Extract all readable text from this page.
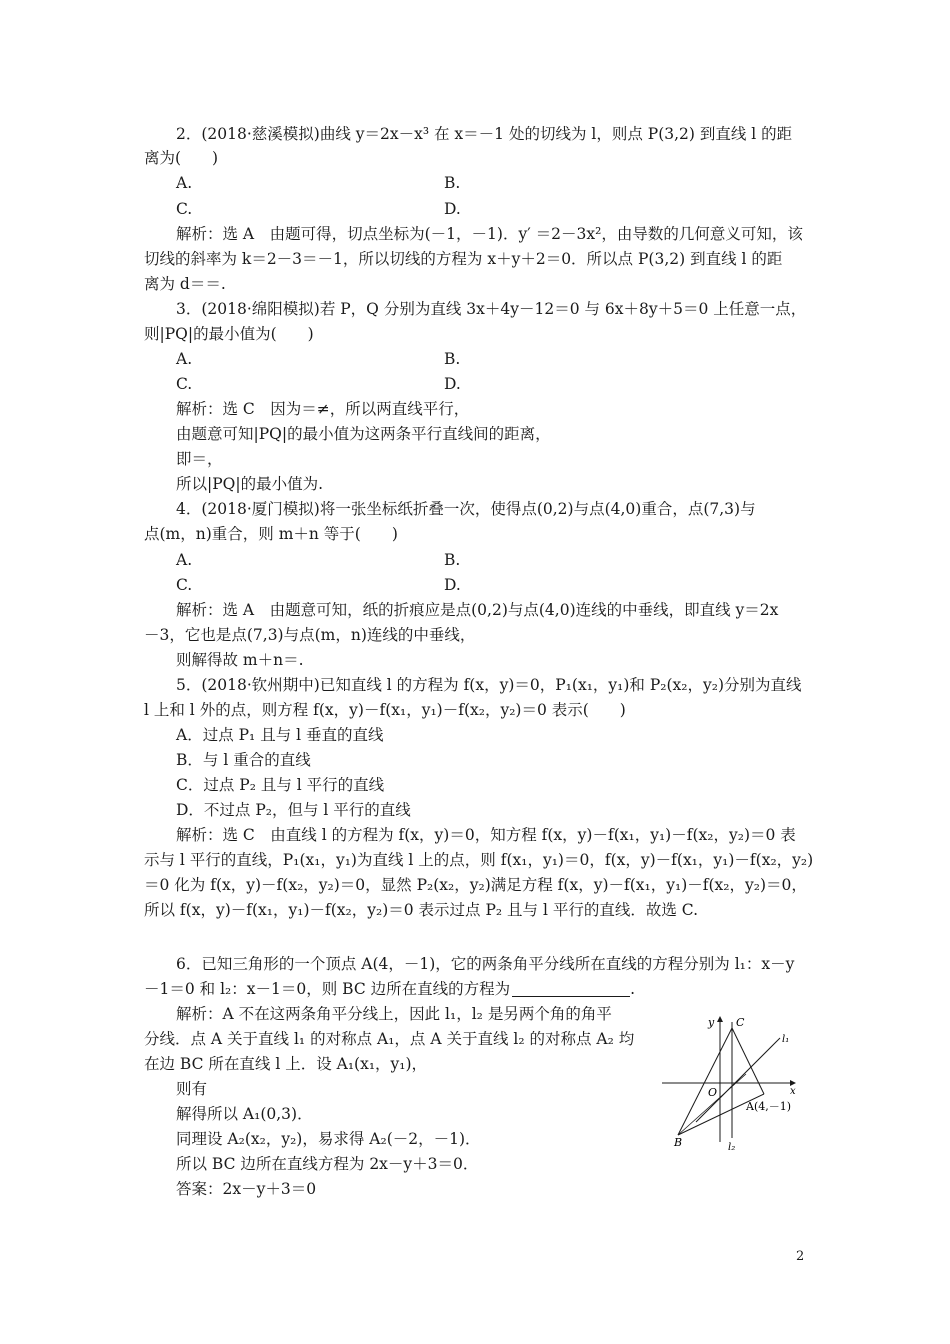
2．(2018·慈溪模拟)曲线 y＝2x－x³ 在 x＝－1 处的切线为 l，则点 P(3,2) 到直线 l 的距
离为(　　)
A.	B.
C.	D.
解析：选 A　由题可得，切点坐标为(－1，－1)．y′ ＝2－3x²，由导数的几何意义可知，该
切线的斜率为 k＝2－3＝－1，所以切线的方程为 x＋y＋2＝0．所以点 P(3,2) 到直线 l 的距
离为 d＝＝.
3．(2018·绵阳模拟)若 P，Q 分别为直线 3x＋4y－12＝0 与 6x＋8y＋5＝0 上任意一点，
则|PQ|的最小值为(　　)
A.	B.
C.	D.
解析：选 C　因为＝≠，所以两直线平行，
由题意可知|PQ|的最小值为这两条平行直线间的距离，
即＝，
所以|PQ|的最小值为.
4．(2018·厦门模拟)将一张坐标纸折叠一次，使得点(0,2)与点(4,0)重合，点(7,3)与
点(m，n)重合，则 m＋n 等于(　　)
A.	B.
C.	D.
解析：选 A　由题意可知，纸的折痕应是点(0,2)与点(4,0)连线的中垂线，即直线 y＝2x
－3，它也是点(7,3)与点(m，n)连线的中垂线，
则解得故 m＋n＝.
5．(2018·钦州期中)已知直线 l 的方程为 f(x，y)＝0，P₁(x₁，y₁)和 P₂(x₂，y₂)分别为直线
l 上和 l 外的点，则方程 f(x，y)－f(x₁，y₁)－f(x₂，y₂)＝0 表示(　　)
A．过点 P₁ 且与 l 垂直的直线
B．与 l 重合的直线
C．过点 P₂ 且与 l 平行的直线
D．不过点 P₂，但与 l 平行的直线
解析：选 C　由直线 l 的方程为 f(x，y)＝0，知方程 f(x，y)－f(x₁，y₁)－f(x₂，y₂)＝0 表
示与 l 平行的直线，P₁(x₁，y₁)为直线 l 上的点，则 f(x₁，y₁)＝0，f(x，y)－f(x₁，y₁)－f(x₂，y₂)
＝0 化为 f(x，y)－f(x₂，y₂)＝0，显然 P₂(x₂，y₂)满足方程 f(x，y)－f(x₁，y₁)－f(x₂，y₂)＝0，
所以 f(x，y)－f(x₁，y₁)－f(x₂，y₂)＝0 表示过点 P₂ 且与 l 平行的直线．故选 C.
6．已知三角形的一个顶点 A(4，－1)，它的两条角平分线所在直线的方程分别为 l₁：x－y
－1＝0 和 l₂：x－1＝0，则 BC 边所在直线的方程为	.
解析：A 不在这两条角平分线上，因此 l₁，l₂ 是另两个角的角平
分线．点 A 关于直线 l₁ 的对称点 A₁，点 A 关于直线 l₂ 的对称点 A₂ 均
在边 BC 所在直线 l 上．设 A₁(x₁，y₁)，
则有
解得所以 A₁(0,3)．
同理设 A₂(x₂，y₂)，易求得 A₂(－2，－1)．
所以 BC 边所在直线方程为 2x－y＋3＝0．
答案：2x－y＋3＝0
y
x
O
C
B
A(4,－1)
l₁
l₂
2
